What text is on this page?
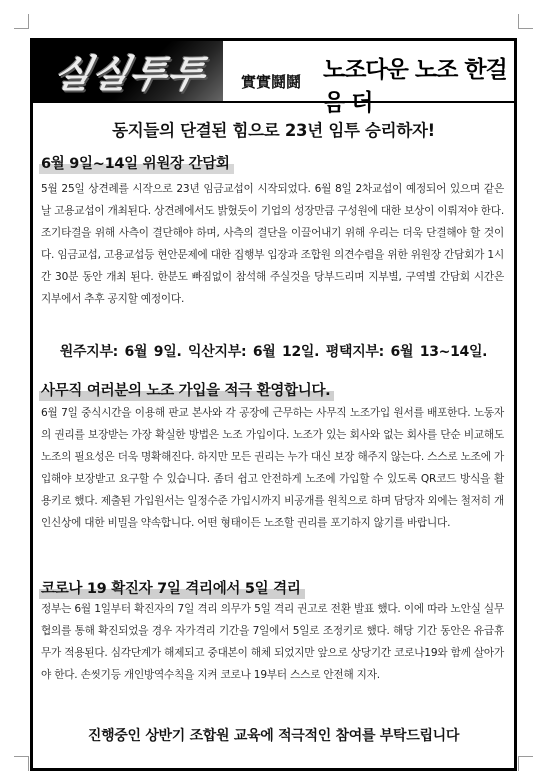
실실투투 實實鬪鬪 노조다운 노조 한걸음 더
동지들의 단결된 힘으로 23년 임투 승리하자!
6월 9일~14일 위원장 간담회
5월 25일 상견례를 시작으로 23년 임금교섭이 시작되었다. 6월 8일 2차교섭이 예정되어 있으며 같은날 고용교섭이 개최된다. 상견례에서도 밝혔듯이 기업의 성장만큼 구성원에 대한 보상이 이뤄져야 한다. 조기타결을 위해 사측이 결단해야 하며, 사측의 결단을 이끌어내기 위해 우리는 더욱 단결해야 할 것이다. 임금교섭, 고용교섭등 현안문제에 대한 집행부 입장과 조합원 의견수렴을 위한 위원장 간담회가 1시간 30분 동안 개최 된다. 한분도 빠짐없이 참석해 주실것을 당부드리며 지부별, 구역별 간담회 시간은 지부에서 추후 공지할 예정이다.
원주지부: 6월 9일. 익산지부: 6월 12일. 평택지부: 6월 13~14일.
사무직 여러분의 노조 가입을 적극 환영합니다.
6월 7일 중식시간을 이용해 판교 본사와 각 공장에 근무하는 사무직 노조가입 원서를 배포한다. 노동자의 권리를 보장받는 가장 확실한 방법은 노조 가입이다. 노조가 있는 회사와 없는 회사를 단순 비교해도 노조의 필요성은 더욱 명확해진다. 하지만 모든 권리는 누가 대신 보장 해주지 않는다. 스스로 노조에 가입해야 보장받고 요구할 수 있습니다. 좀더 쉽고 안전하게 노조에 가입할 수 있도록 QR코드 방식을 활용키로 했다. 제출된 가입원서는 일정수준 가입시까지 비공개를 원칙으로 하며 담당자 외에는 철저히 개인신상에 대한 비밀을 약속합니다. 어떤 형태이든 노조할 권리를 포기하지 않기를 바랍니다.
코로나 19 확진자 7일 격리에서 5일 격리
정부는 6월 1일부터 확진자의 7일 격리 의무가 5일 격리 권고로 전환 발표 했다. 이에 따라 노안실 실무협의를 통해 확진되었을 경우 자가격리 기간을 7일에서 5일로 조정키로 했다. 해당 기간 동안은 유급휴무가 적용된다. 심각단계가 해제되고 중대본이 해체 되었지만 앞으로 상당기간 코로나19와 함께 살아가야 한다. 손씻기등 개인방역수칙을 지켜 코로나 19부터 스스로 안전해 지자.
진행중인 상반기 조합원 교육에 적극적인 참여를 부탁드립니다
